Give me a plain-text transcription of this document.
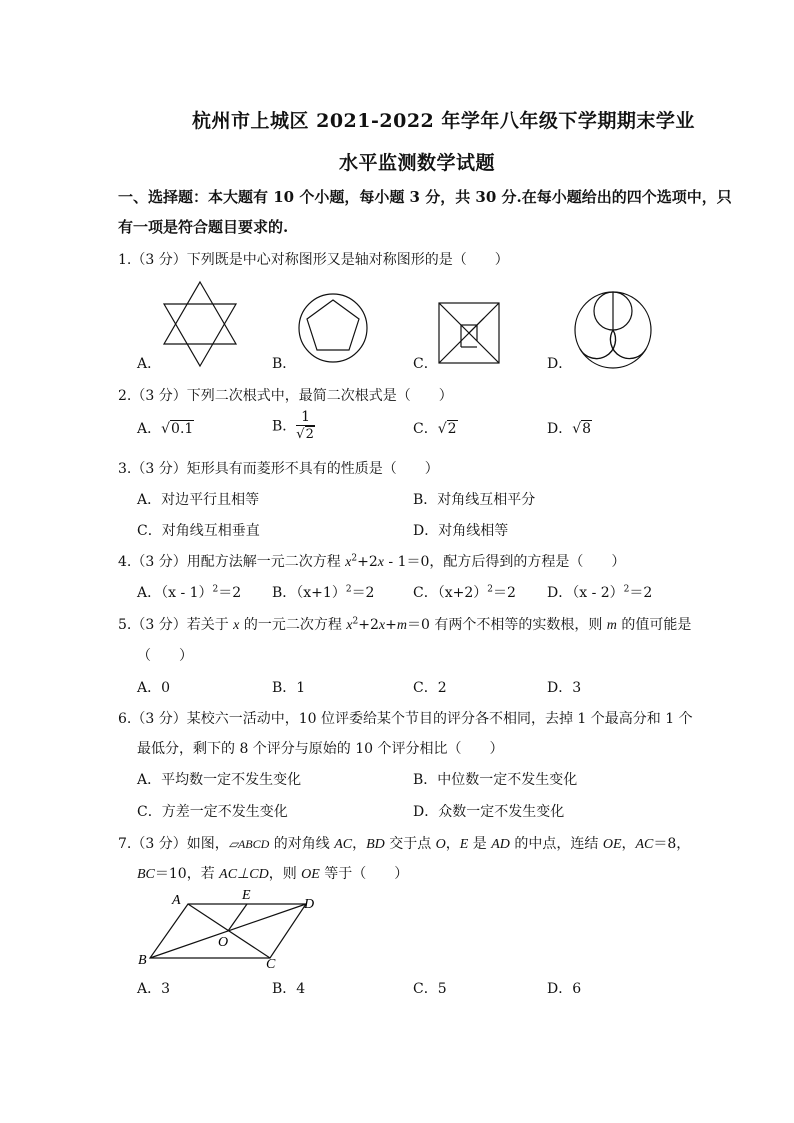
杭州市上城区 2021-2022 年学年八年级下学期期末学业
水平监测数学试题
一、选择题：本大题有 10 个小题，每小题 3 分，共 30 分.在每小题给出的四个选项中，只
有一项是符合题目要求的.
1.（3 分）下列既是中心对称图形又是轴对称图形的是（　　）
A．	B．	C．	D．
2.（3 分）下列二次根式中，最简二次根式是（　　）
A．√0.1	B． $\frac{1}{√2}$	C．√2	D．√8
3.（3 分）矩形具有而菱形不具有的性质是（　　）
A．对边平行且相等	B．对角线互相平分
C．对角线互相垂直	D．对角线相等
4.（3 分）用配方法解一元二次方程 $x^2+2x - 1=0$，配方后得到的方程是（　　）
A．（x - 1）$^2$＝2 B．$(x+1)^2=2$	C．$(x+2)^2=2$ D．（x - 2）$^2$＝2
5.（3 分）若关于 x 的一元二次方程 $x^2+2x+m=0$ 有两个不相等的实数根，则 m 的值可能是
（　　）
A．0	B．1	C．2	D．3
6.（3 分）某校六一活动中，10 位评委给某个节目的评分各不相同，去掉 1 个最高分和 1 个
最低分，剩下的 8 个评分与原始的 10 个评分相比（　　）
A．平均数一定不发生变化	B．中位数一定不发生变化
C．方差一定不发生变化	D．众数一定不发生变化
7.（3 分）如图，▱ABCD 的对角线 AC，BD 交于点 O，E 是 AD 的中点，连结 OE，AC＝8，
BC＝10，若 AC⊥CD，则 OE 等于（　　）
A	E
D
O
B	C
A．3	B．4	C．5	D．6
